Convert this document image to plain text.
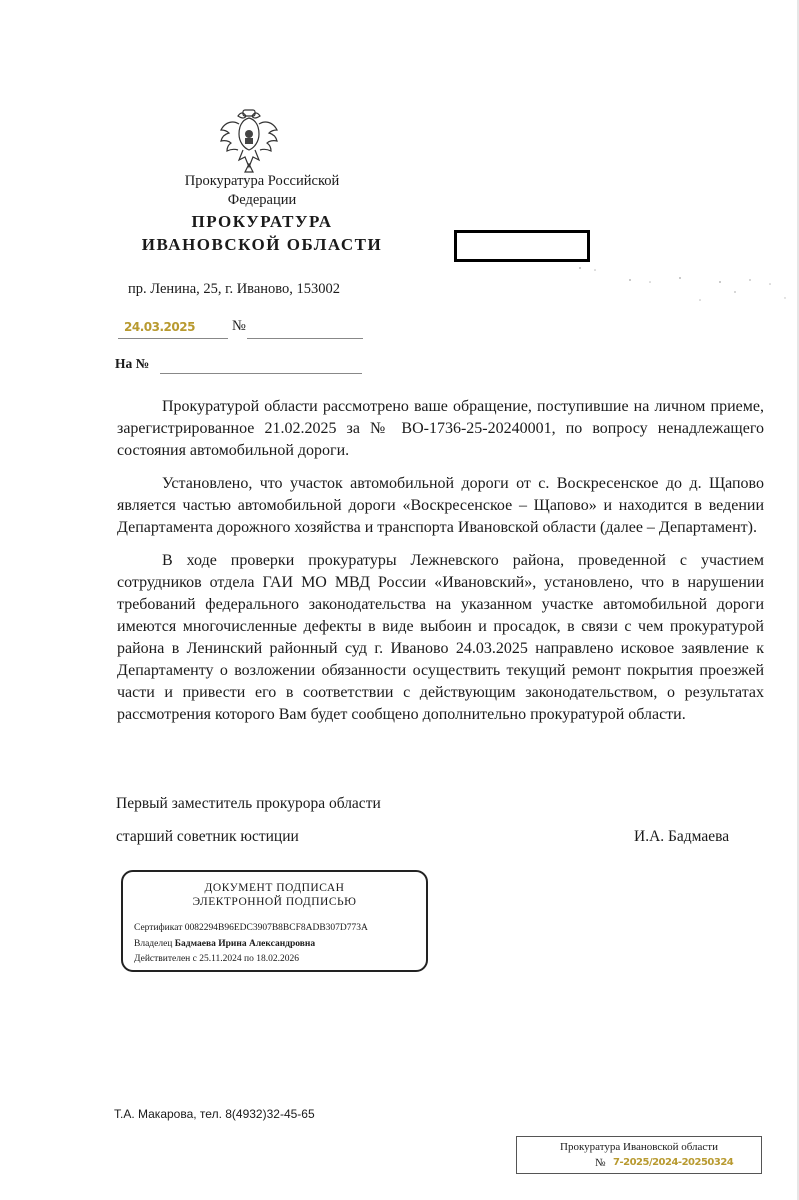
Прокуратура Российской
Федерации
ПРОКУРАТУРА
ИВАНОВСКОЙ ОБЛАСТИ
пр. Ленина, 25, г. Иваново, 153002
24.03.2025	№
На №

Прокуратурой области рассмотрено ваше обращение, поступившие на личном приеме, зарегистрированное 21.02.2025 за № ВО-1736-25-20240001, по вопросу ненадлежащего состояния автомобильной дороги.

Установлено, что участок автомобильной дороги от с. Воскресенское до д. Щапово является частью автомобильной дороги «Воскресенское – Щапово» и находится в ведении Департамента дорожного хозяйства и транспорта Ивановской области (далее – Департамент).

В ходе проверки прокуратуры Лежневского района, проведенной с участием сотрудников отдела ГАИ МО МВД России «Ивановский», установлено, что в нарушении требований федерального законодательства на указанном участке автомобильной дороги имеются многочисленные дефекты в виде выбоин и просадок, в связи с чем прокуратурой района в Ленинский районный суд г. Иваново 24.03.2025 направлено исковое заявление к Департаменту о возложении обязанности осуществить текущий ремонт покрытия проезжей части и привести его в соответствии с действующим законодательством, о результатах рассмотрения которого Вам будет сообщено дополнительно прокуратурой области.

Первый заместитель прокурора области
старший советник юстиции	И.А. Бадмаева
ДОКУМЕНТ ПОДПИСАН
ЭЛЕКТРОННОЙ ПОДПИСЬЮ
Сертификат 0082294B96EDC3907B8BCF8ADB307D773A
Владелец Бадмаева Ирина Александровна
Действителен с 25.11.2024 по 18.02.2026
Т.А. Макарова, тел. 8(4932)32-45-65
Прокуратура Ивановской области
№ 7-2025/2024-20250324
